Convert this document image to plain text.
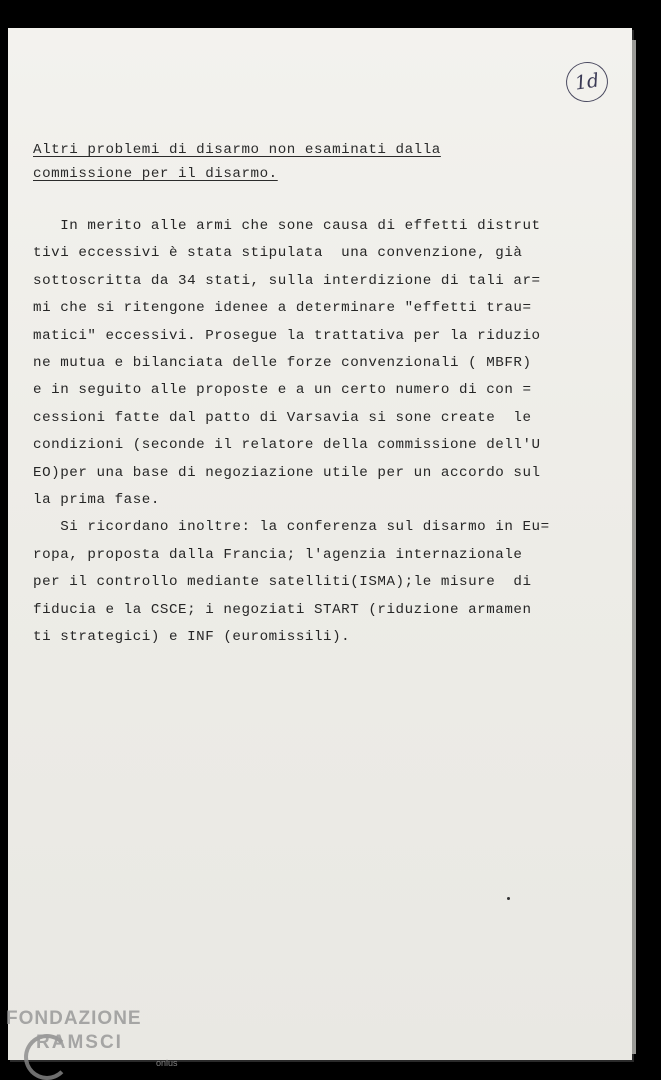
1d
Altri problemi di disarmo non esaminati dalla
commissione per il disarmo.
In merito alle armi che sone causa di effetti distrut
tivi eccessivi è stata stipulata  una convenzione, già
sottoscritta da 34 stati, sulla interdizione di tali ar=
mi che si ritengone idenee a determinare "effetti trau=
matici" eccessivi. Prosegue la trattativa per la riduzio
ne mutua e bilanciata delle forze convenzionali ( MBFR)
e in seguito alle proposte e a un certo numero di con =
cessioni fatte dal patto di Varsavia si sone create  le
condizioni (seconde il relatore della commissione dell'U
EO)per una base di negoziazione utile per un accordo sul
la prima fase.
Si ricordano inoltre: la conferenza sul disarmo in Eu=
ropa, proposta dalla Francia; l'agenzia internazionale
per il controllo mediante satelliti(ISMA);le misure  di
fiducia e la CSCE; i negoziati START (riduzione armamen
ti strategici) e INF (euromissili).
FONDAZIONE
RAMSCI
onlus
